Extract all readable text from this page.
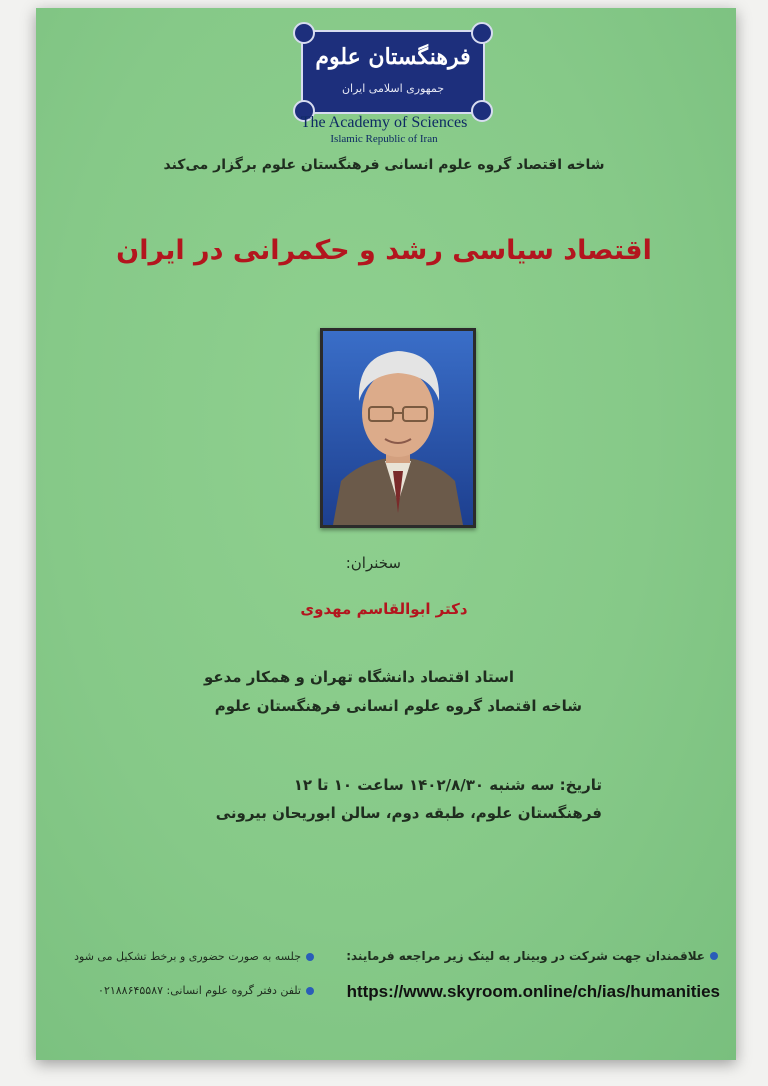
فرهنگستان علوم
جمهوری اسلامی ایران
The Academy of Sciences
Islamic Republic of Iran
شاخه اقتصاد گروه علوم انسانی فرهنگستان علوم برگزار می‌کند
اقتصاد سیاسی رشد و حکمرانی در ایران
سخنران:
دکتر ابوالقاسم مهدوی
استاد اقتصاد دانشگاه تهران و همکار مدعو
شاخه اقتصاد گروه علوم انسانی فرهنگستان علوم
تاریخ: سه شنبه ۱۴۰۲/۸/۳۰ ساعت ۱۰ تا ۱۲
فرهنگستان علوم، طبقه دوم، سالن ابوریحان بیرونی
جلسه به صورت حضوری و برخط تشکیل می شود
تلفن دفتر گروه علوم انسانی: ۰۲۱۸۸۶۴۵۵۸۷
علاقمندان جهت شرکت در وبینار به لینک زیر مراجعه فرمایند:
https://www.skyroom.online/ch/ias/humanities
